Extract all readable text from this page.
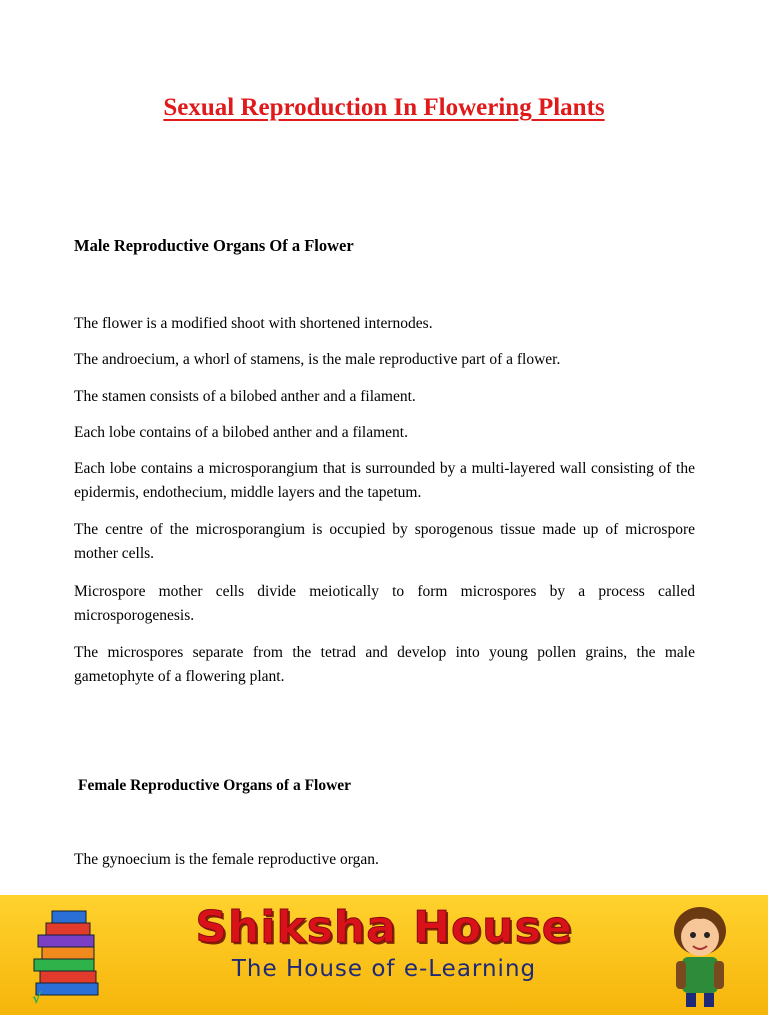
Sexual Reproduction In Flowering Plants
Male Reproductive Organs Of a Flower

The flower is a modified shoot with shortened internodes.

The androecium, a whorl of stamens, is the male reproductive part of a flower.

The stamen consists of a bilobed anther and a filament.

Each lobe contains of a bilobed anther and a filament.

Each lobe contains a microsporangium that is surrounded by a multi-layered wall consisting of the epidermis, endothecium, middle layers and the tapetum.

The centre of the microsporangium is occupied by sporogenous tissue made up of microspore mother cells.

Microspore mother cells divide meiotically to form microspores by a process called microsporogenesis.

The microspores separate from the tetrad and develop into young pollen grains, the male gametophyte of a flowering plant.

Female Reproductive Organs of a Flower

The gynoecium is the female reproductive organ.

√
Shiksha House

The House of e-Learning
